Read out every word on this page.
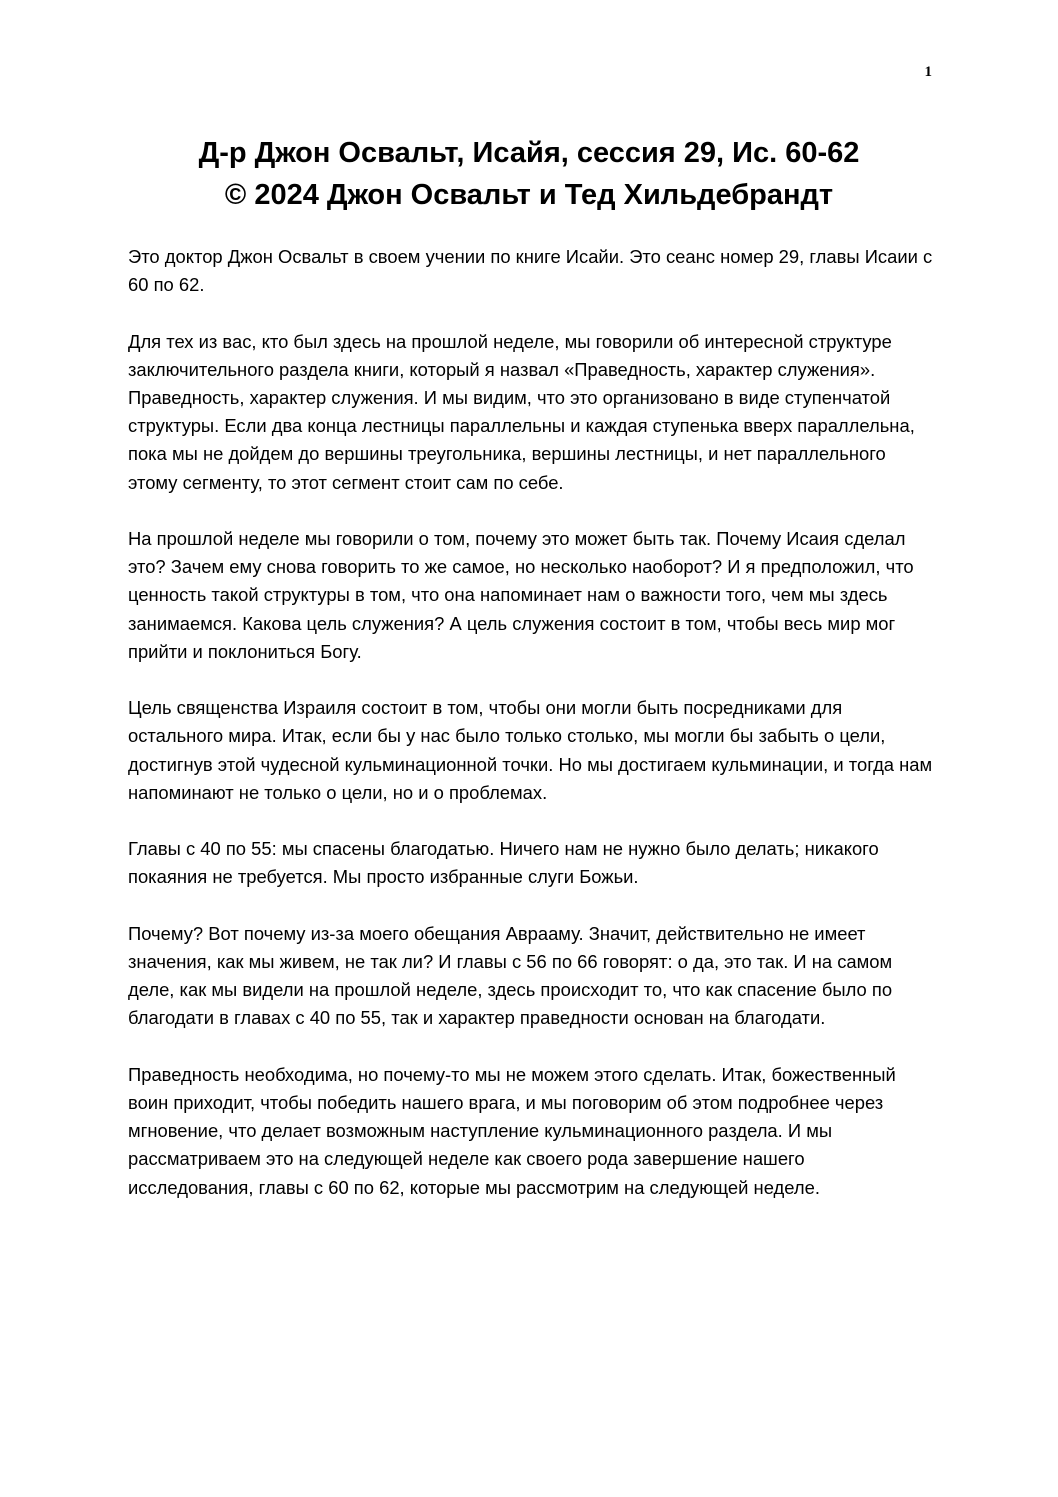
1
Д-р Джон Освальт, Исайя, сессия 29, Ис. 60-62
© 2024 Джон Освальт и Тед Хильдебрандт

Это доктор Джон Освальт в своем учении по книге Исайи. Это сеанс номер 29, главы Исаии с 60 по 62.

Для тех из вас, кто был здесь на прошлой неделе, мы говорили об интересной структуре заключительного раздела книги, который я назвал «Праведность, характер служения». Праведность, характер служения. И мы видим, что это организовано в виде ступенчатой структуры. Если два конца лестницы параллельны и каждая ступенька вверх параллельна, пока мы не дойдем до вершины треугольника, вершины лестницы, и нет параллельного этому сегменту, то этот сегмент стоит сам по себе.

На прошлой неделе мы говорили о том, почему это может быть так. Почему Исаия сделал это? Зачем ему снова говорить то же самое, но несколько наоборот? И я предположил, что ценность такой структуры в том, что она напоминает нам о важности того, чем мы здесь занимаемся. Какова цель служения? А цель служения состоит в том, чтобы весь мир мог прийти и поклониться Богу.

Цель священства Израиля состоит в том, чтобы они могли быть посредниками для остального мира. Итак, если бы у нас было только столько, мы могли бы забыть о цели, достигнув этой чудесной кульминационной точки. Но мы достигаем кульминации, и тогда нам напоминают не только о цели, но и о проблемах.

Главы с 40 по 55: мы спасены благодатью. Ничего нам не нужно было делать; никакого покаяния не требуется. Мы просто избранные слуги Божьи.

Почему? Вот почему из-за моего обещания Аврааму. Значит, действительно не имеет значения, как мы живем, не так ли? И главы с 56 по 66 говорят: о да, это так. И на самом деле, как мы видели на прошлой неделе, здесь происходит то, что как спасение было по благодати в главах с 40 по 55, так и характер праведности основан на благодати.

Праведность необходима, но почему-то мы не можем этого сделать. Итак, божественный воин приходит, чтобы победить нашего врага, и мы поговорим об этом подробнее через мгновение, что делает возможным наступление кульминационного раздела. И мы рассматриваем это на следующей неделе как своего рода завершение нашего исследования, главы с 60 по 62, которые мы рассмотрим на следующей неделе.
